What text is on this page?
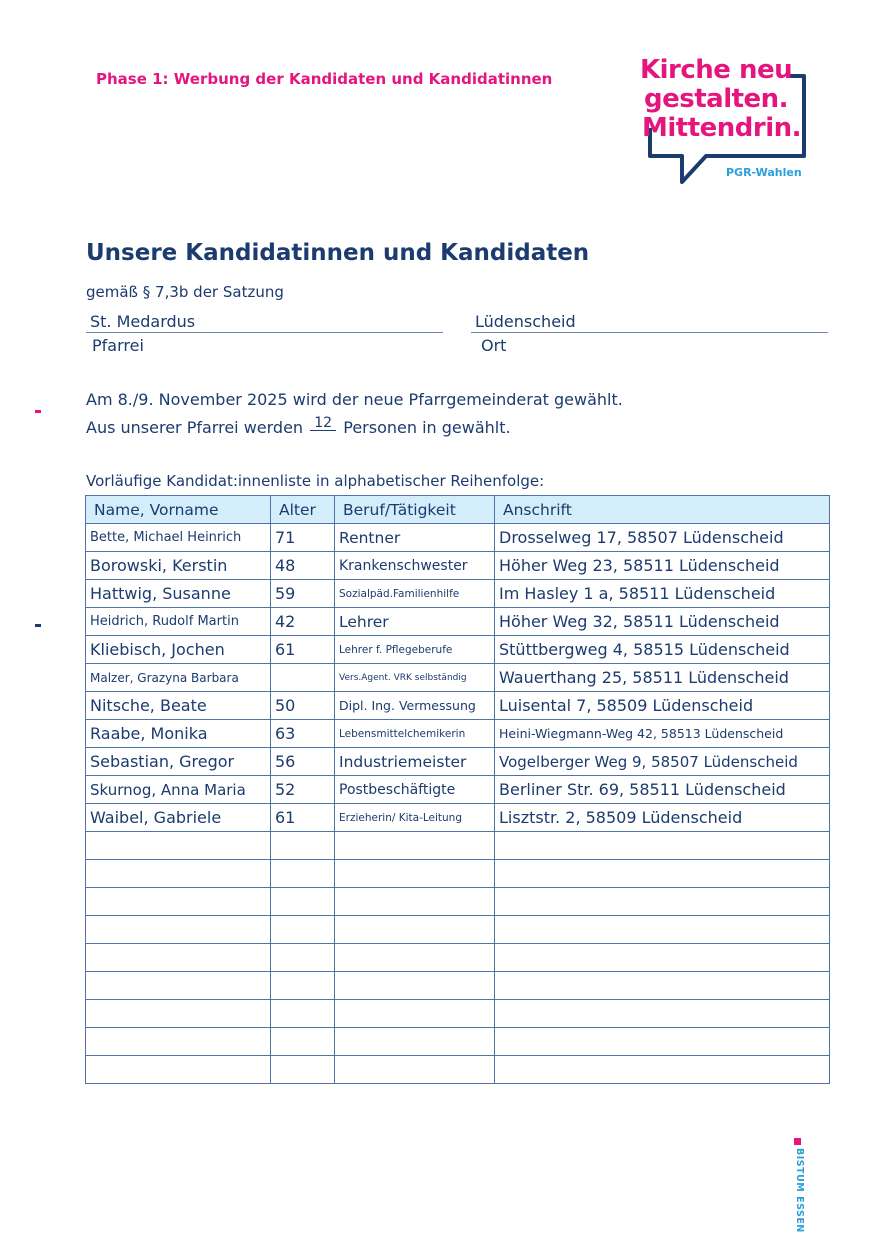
Phase 1: Werbung der Kandidaten und Kandidatinnen	Kirche neu
gestalten.
Mittendrin.
PGR-Wahlen
Unsere Kandidatinnen und Kandidaten
gemäß § 7,3b der Satzung
St. Medardus	Lüdenscheid
Pfarrei	Ort
Am 8./9. November 2025 wird der neue Pfarrgemeinderat gewählt.
Aus unserer Pfarrei werden 12 Personen in gewählt.
Vorläufige Kandidat:innenliste in alphabetischer Reihenfolge:
Name, Vorname	Alter	Beruf/Tätigkeit	Anschrift
Bette, Michael Heinrich	71	Rentner	Drosselweg 17, 58507 Lüdenscheid
Borowski, Kerstin	48	Krankenschwester	Höher Weg 23, 58511 Lüdenscheid
Hattwig, Susanne	59	Sozialpäd.Familienhilfe	Im Hasley 1 a, 58511 Lüdenscheid
Heidrich, Rudolf Martin	42	Lehrer	Höher Weg 32, 58511 Lüdenscheid
Kliebisch, Jochen	61	Lehrer f. Pflegeberufe	Stüttbergweg 4, 58515 Lüdenscheid
Malzer, Grazyna Barbara		Vers.Agent. VRK selbständig	Wauerthang 25, 58511 Lüdenscheid
Nitsche, Beate	50	Dipl. Ing. Vermessung	Luisental 7, 58509 Lüdenscheid
Raabe, Monika	63	Lebensmittelchemikerin	Heini-Wiegmann-Weg 42, 58513 Lüdenscheid
Sebastian, Gregor	56	Industriemeister	Vogelberger Weg 9, 58507 Lüdenscheid
Skurnog, Anna Maria	52	Postbeschäftigte	Berliner Str. 69, 58511 Lüdenscheid
Waibel, Gabriele	61	Erzieherin/ Kita-Leitung	Lisztstr. 2, 58509 Lüdenscheid

BISTUM ESSEN
